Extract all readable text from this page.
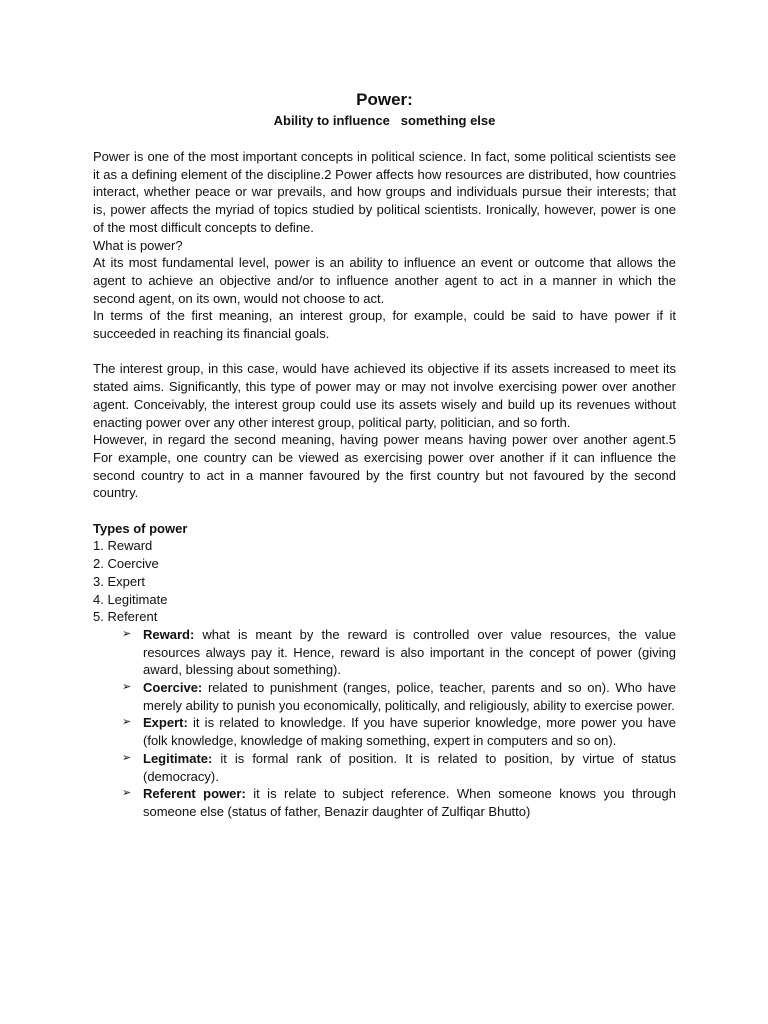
Power:
Ability to influence   something else

Power is one of the most important concepts in political science. In fact, some political scientists see it as a defining element of the discipline.2 Power affects how resources are distributed, how countries interact, whether peace or war prevails, and how groups and individuals pursue their interests; that is, power affects the myriad of topics studied by political scientists. Ironically, however, power is one of the most difficult concepts to define.

What is power?

At its most fundamental level, power is an ability to influence an event or outcome that allows the agent to achieve an objective and/or to influence another agent to act in a manner in which the second agent, on its own, would not choose to act.

In terms of the first meaning, an interest group, for example, could be said to have power if it succeeded in reaching its financial goals.

The interest group, in this case, would have achieved its objective if its assets increased to meet its stated aims. Significantly, this type of power may or may not involve exercising power over another agent. Conceivably, the interest group could use its assets wisely and build up its revenues without enacting power over any other interest group, political party, politician, and so forth.

However, in regard the second meaning, having power means having power over another agent.5 For example, one country can be viewed as exercising power over another if it can influence the second country to act in a manner favoured by the first country but not favoured by the second country.

Types of power

1. Reward
2. Coercive
3. Expert
4. Legitimate
5. Referent
➢ Reward: what is meant by the reward is controlled over value resources, the value resources always pay it. Hence, reward is also important in the concept of power (giving award, blessing about something).
➢ Coercive: related to punishment (ranges, police, teacher, parents and so on). Who have merely ability to punish you economically, politically, and religiously, ability to exercise power.
➢ Expert: it is related to knowledge. If you have superior knowledge, more power you have (folk knowledge, knowledge of making something, expert in computers and so on).
➢ Legitimate: it is formal rank of position. It is related to position, by virtue of status (democracy).
➢ Referent power: it is relate to subject reference. When someone knows you through someone else (status of father, Benazir daughter of Zulfiqar Bhutto)
